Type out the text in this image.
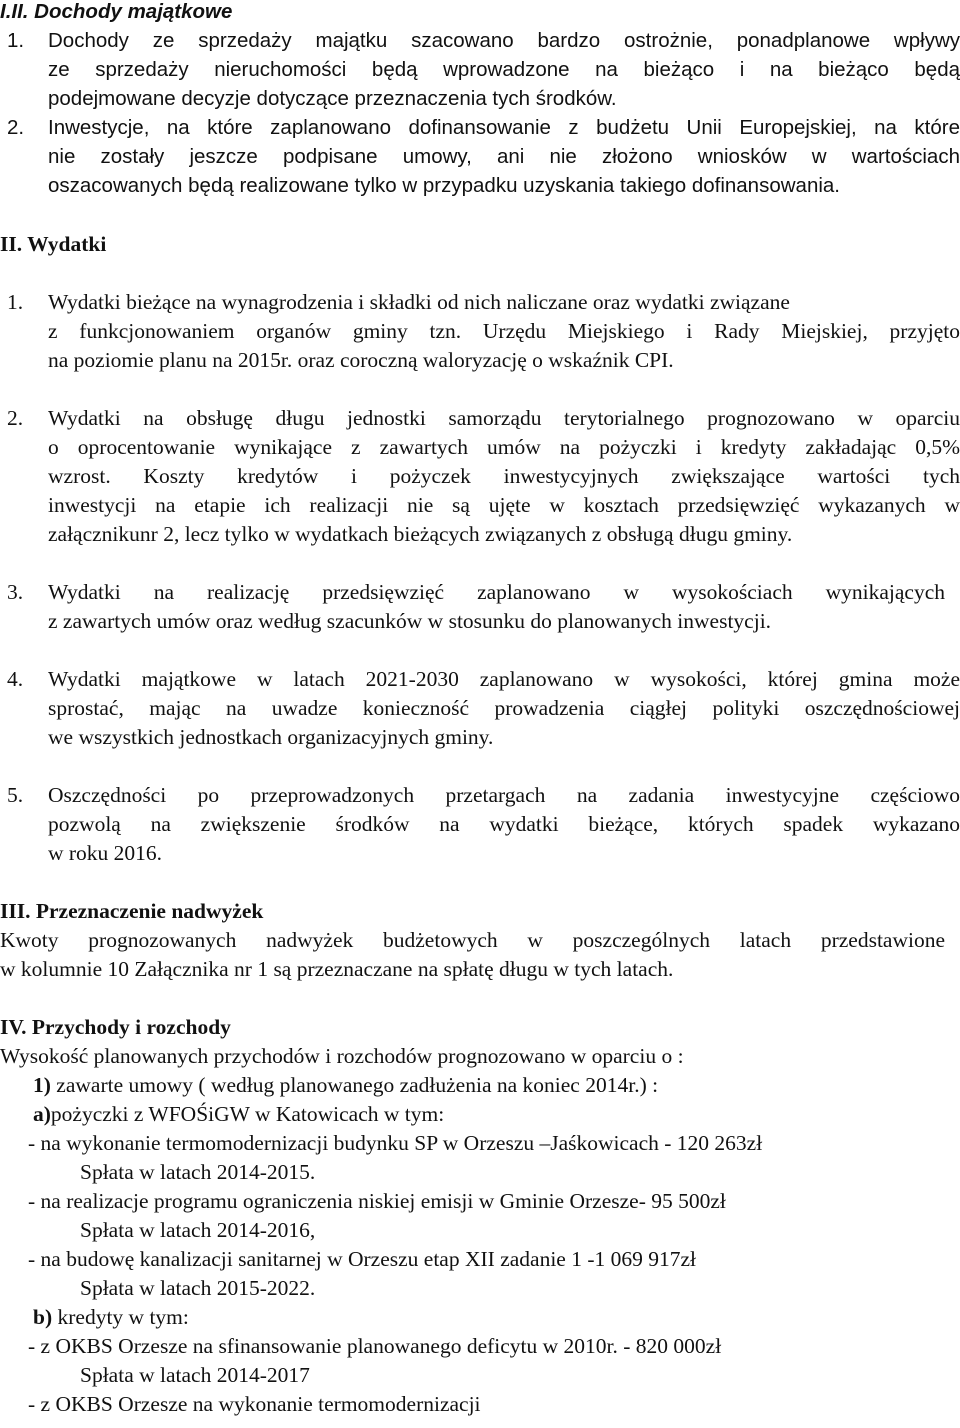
I.II. Dochody majątkowe

1.	Dochody ze sprzedaży majątku szacowano bardzo ostrożnie, ponadplanowe wpływy

ze sprzedaży nieruchomości będą wprowadzone na bieżąco i na bieżąco będą

podejmowane decyzje dotyczące przeznaczenia tych środków.

2.	Inwestycje, na które zaplanowano dofinansowanie z budżetu Unii Europejskiej, na które

nie zostały jeszcze podpisane umowy, ani nie złożono wniosków w wartościach

oszacowanych będą realizowane tylko w przypadku uzyskania takiego dofinansowania.

II. Wydatki

1.	Wydatki bieżące na wynagrodzenia i składki od nich naliczane oraz wydatki związane

z funkcjonowaniem organów gminy tzn. Urzędu Miejskiego i Rady Miejskiej, przyjęto

na poziomie planu na 2015r. oraz coroczną waloryzację o wskaźnik CPI.

2.	Wydatki na obsługę długu jednostki samorządu terytorialnego prognozowano w oparciu

o oprocentowanie wynikające z zawartych umów na pożyczki i kredyty zakładając 0,5%

wzrost. Koszty kredytów i pożyczek inwestycyjnych zwiększające wartości tych

inwestycji na etapie ich realizacji nie są ujęte w kosztach przedsięwzięć wykazanych w

załącznikunr 2, lecz tylko w wydatkach bieżących związanych z obsługą długu gminy.

3.	Wydatki na realizację przedsięwzięć zaplanowano w wysokościach wynikających

z zawartych umów oraz według szacunków w stosunku do planowanych inwestycji.

4.	Wydatki majątkowe w latach 2021-2030 zaplanowano w wysokości, której gmina może

sprostać, mając na uwadze konieczność prowadzenia ciągłej polityki oszczędnościowej

we wszystkich jednostkach organizacyjnych gminy.

5.	Oszczędności po przeprowadzonych przetargach na zadania inwestycyjne częściowo

pozwolą na zwiększenie środków na wydatki bieżące, których spadek wykazano

w roku 2016.

III. Przeznaczenie nadwyżek

Kwoty prognozowanych nadwyżek budżetowych w poszczególnych latach przedstawione

w kolumnie 10 Załącznika nr 1 są przeznaczane na spłatę długu w tych latach.

IV. Przychody i rozchody

Wysokość planowanych przychodów i rozchodów prognozowano w oparciu o :

1) zawarte umowy ( według planowanego zadłużenia na koniec 2014r.) :

a)pożyczki z WFOŚiGW w Katowicach w tym:

- na wykonanie termomodernizacji budynku SP w Orzeszu –Jaśkowicach - 120 263zł

Spłata w latach 2014-2015.

- na realizacje programu ograniczenia niskiej emisji w Gminie Orzesze- 95 500zł

Spłata w latach 2014-2016,

- na budowę kanalizacji sanitarnej w Orzeszu etap XII zadanie 1 -1 069 917zł

Spłata w latach 2015-2022.

b) kredyty w tym:

- z OKBS Orzesze na sfinansowanie planowanego deficytu w 2010r. - 820 000zł

Spłata w latach 2014-2017

- z OKBS Orzesze na wykonanie termomodernizacji
